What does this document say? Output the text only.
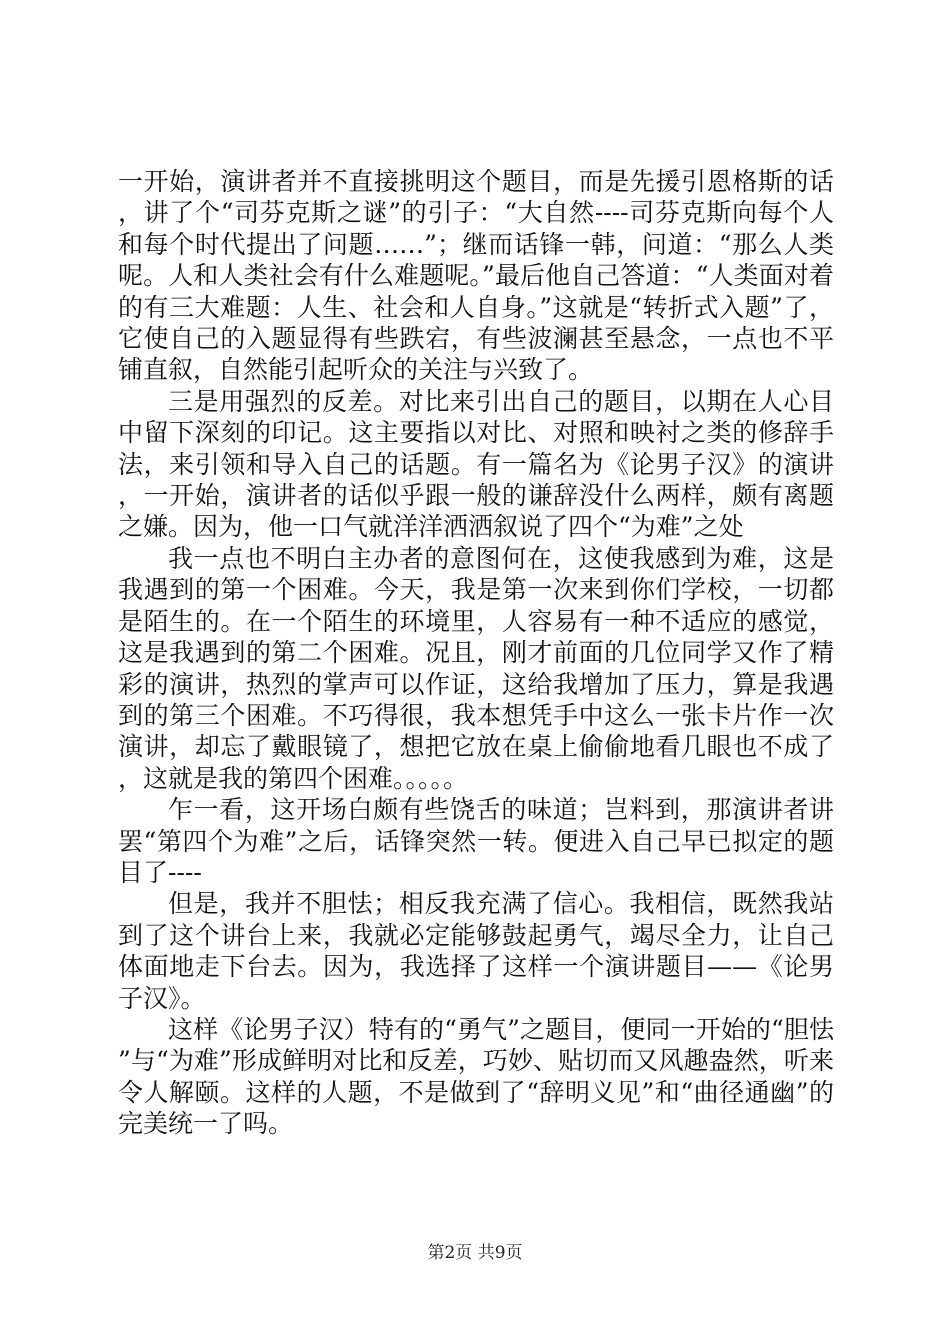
一开始，演讲者并不直接挑明这个题目，而是先援引恩格斯的话，讲了个“司芬克斯之谜”的引子：“大自然----司芬克斯向每个人和每个时代提出了问题……”；继而话锋一韩，问道：“那么人类呢。人和人类社会有什么难题呢。”最后他自己答道：“人类面对着的有三大难题：人生、社会和人自身。”这就是“转折式入题”了，它使自己的入题显得有些跌宕，有些波澜甚至悬念，一点也不平铺直叙，自然能引起听众的关注与兴致了。

三是用强烈的反差。对比来引出自己的题目，以期在人心目中留下深刻的印记。这主要指以对比、对照和映衬之类的修辞手法，来引领和导入自己的话题。有一篇名为《论男子汉》的演讲，一开始，演讲者的话似乎跟一般的谦辞没什么两样，颇有离题之嫌。因为，他一口气就洋洋洒洒叙说了四个“为难”之处

我一点也不明白主办者的意图何在，这使我感到为难，这是我遇到的第一个困难。今天，我是第一次来到你们学校，一切都是陌生的。在一个陌生的环境里，人容易有一种不适应的感觉，这是我遇到的第二个困难。况且，刚才前面的几位同学又作了精彩的演讲，热烈的掌声可以作证，这给我增加了压力，算是我遇到的第三个困难。不巧得很，我本想凭手中这么一张卡片作一次演讲，却忘了戴眼镜了，想把它放在桌上偷偷地看几眼也不成了，这就是我的第四个困难。。。。。

乍一看，这开场白颇有些饶舌的味道；岂料到，那演讲者讲罢“第四个为难”之后，话锋突然一转。便进入自己早已拟定的题目了----

但是，我并不胆怯；相反我充满了信心。我相信，既然我站到了这个讲台上来，我就必定能够鼓起勇气，竭尽全力，让自己体面地走下台去。因为，我选择了这样一个演讲题目——《论男子汉》。

这样《论男子汉）特有的“勇气”之题目，便同一开始的“胆怯”与“为难”形成鲜明对比和反差，巧妙、贴切而又风趣盎然，听来令人解颐。这样的人题，不是做到了“辞明义见”和“曲径通幽”的完美统一了吗。

第2页 共9页
